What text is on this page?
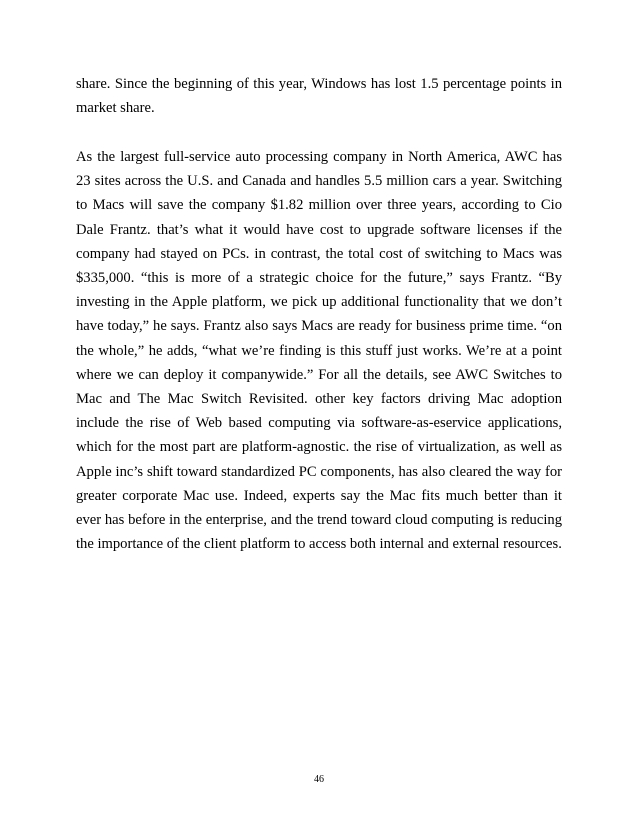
share. Since the beginning of this year, Windows has lost 1.5 percentage points in market share.

As the largest full-service auto processing company in North America, AWC has 23 sites across the U.S. and Canada and handles 5.5 million cars a year. Switching to Macs will save the company $1.82 million over three years, according to Cio Dale Frantz. that’s what it would have cost to upgrade software licenses if the company had stayed on PCs. in contrast, the total cost of switching to Macs was $335,000. “this is more of a strategic choice for the future,” says Frantz. “By investing in the Apple platform, we pick up additional functionality that we don’t have today,” he says. Frantz also says Macs are ready for business prime time. “on the whole,” he adds, “what we’re finding is this stuff just works. We’re at a point where we can deploy it companywide.” For all the details, see AWC Switches to Mac and The Mac Switch Revisited. other key factors driving Mac adoption include the rise of Web based computing via software-as-eservice applications, which for the most part are platform-agnostic. the rise of virtualization, as well as Apple inc’s shift toward standardized PC components, has also cleared the way for greater corporate Mac use. Indeed, experts say the Mac fits much better than it ever has before in the enterprise, and the trend toward cloud computing is reducing the importance of the client platform to access both internal and external resources.

46
